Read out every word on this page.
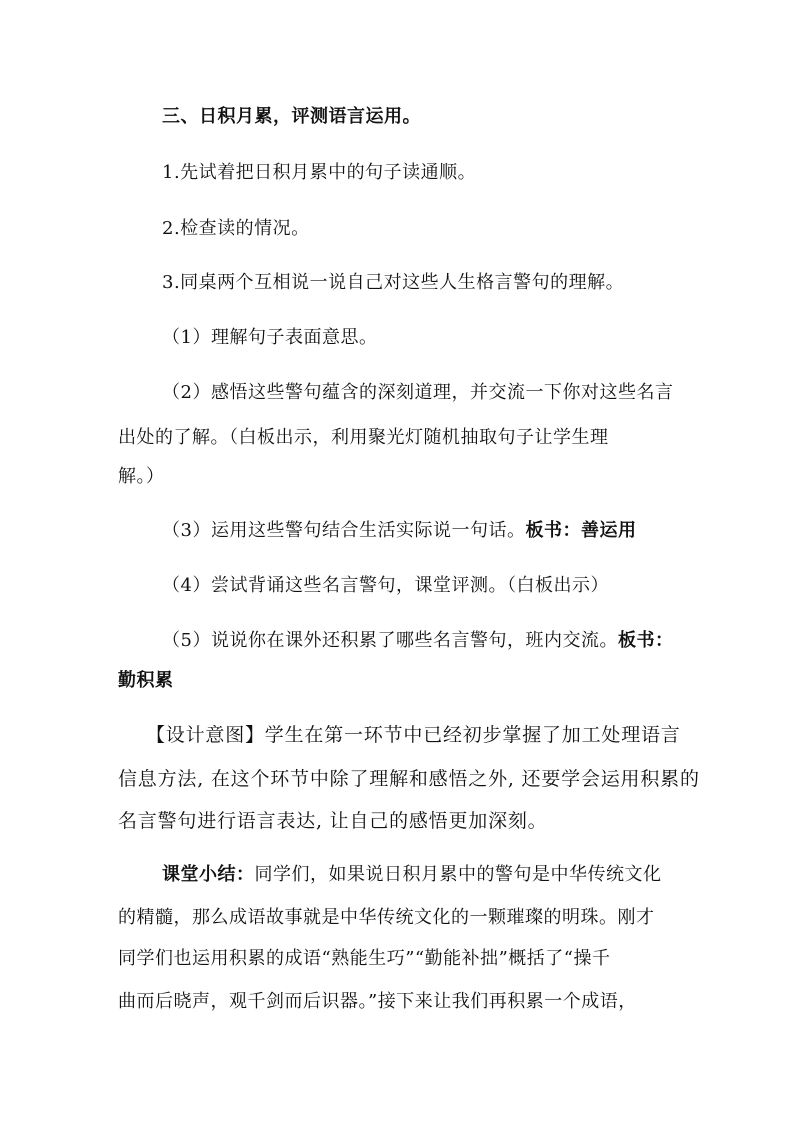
三、日积月累，评测语言运用。
1.先试着把日积月累中的句子读通顺。
2.检查读的情况。
3.同桌两个互相说一说自己对这些人生格言警句的理解。
（1）理解句子表面意思。
（2）感悟这些警句蕴含的深刻道理，并交流一下你对这些名言
出处的了解。（白板出示，利用聚光灯随机抽取句子让学生理
解。）
（3）运用这些警句结合生活实际说一句话。板书：善运用
（4）尝试背诵这些名言警句，课堂评测。（白板出示）
（5）说说你在课外还积累了哪些名言警句，班内交流。板书：
勤积累
【设计意图】学生在第一环节中已经初步掌握了加工处理语言
信息方法, 在这个环节中除了理解和感悟之外, 还要学会运用积累的
名言警句进行语言表达, 让自己的感悟更加深刻。
课堂小结：同学们，如果说日积月累中的警句是中华传统文化
的精髓，那么成语故事就是中华传统文化的一颗璀璨的明珠。刚才
同学们也运用积累的成语“熟能生巧”“勤能补拙”概括了“操千
曲而后晓声，观千剑而后识器。”接下来让我们再积累一个成语，
